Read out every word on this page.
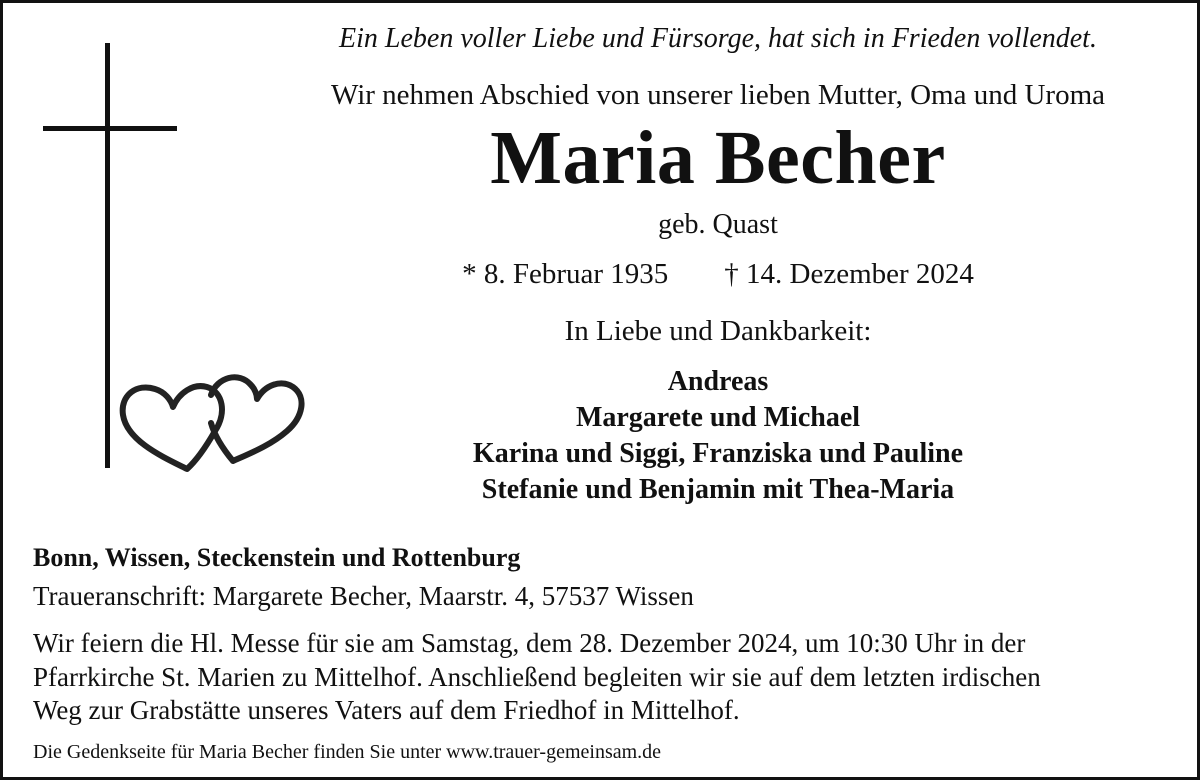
Ein Leben voller Liebe und Fürsorge, hat sich in Frieden vollendet.
Wir nehmen Abschied von unserer lieben Mutter, Oma und Uroma
Maria Becher
geb. Quast
* 8. Februar 1935 † 14. Dezember 2024
In Liebe und Dankbarkeit:
Andreas
Margarete und Michael
Karina und Siggi, Franziska und Pauline
Stefanie und Benjamin mit Thea-Maria
Bonn, Wissen, Steckenstein und Rottenburg
Traueranschrift: Margarete Becher, Maarstr. 4, 57537 Wissen
Wir feiern die Hl. Messe für sie am Samstag, dem 28. Dezember 2024, um 10:30 Uhr in der
Pfarrkirche St. Marien zu Mittelhof. Anschließend begleiten wir sie auf dem letzten irdischen
Weg zur Grabstätte unseres Vaters auf dem Friedhof in Mittelhof.
Die Gedenkseite für Maria Becher finden Sie unter www.trauer-gemeinsam.de
